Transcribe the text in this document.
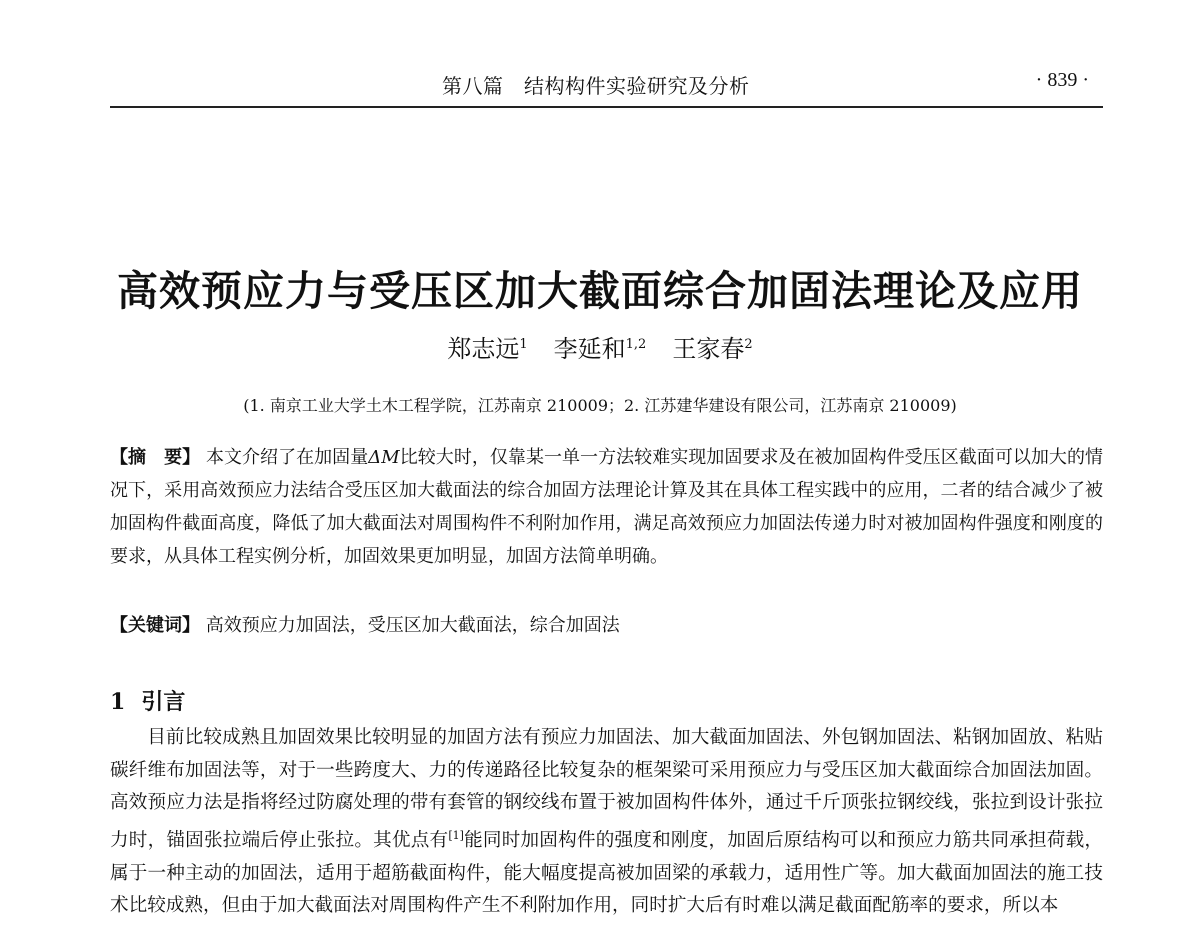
第八篇　结构构件实验研究及分析	· 839 ·
高效预应力与受压区加大截面综合加固法理论及应用
郑志远$^1$ 李延和$^{1,2}$ 王家春$^2$
(1. 南京工业大学土木工程学院，江苏南京 210009；2. 江苏建华建设有限公司，江苏南京 210009)
【摘　要】 本文介绍了在加固量ΔM比较大时，仅靠某一单一方法较难实现加固要求及在被加固构件受压区截面可以加大的情况下，采用高效预应力法结合受压区加大截面法的综合加固方法理论计算及其在具体工程实践中的应用，二者的结合减少了被加固构件截面高度，降低了加大截面法对周围构件不利附加作用，满足高效预应力加固法传递力时对被加固构件强度和刚度的要求，从具体工程实例分析，加固效果更加明显，加固方法简单明确。
【关键词】 高效预应力加固法，受压区加大截面法，综合加固法
1 引言

目前比较成熟且加固效果比较明显的加固方法有预应力加固法、加大截面加固法、外包钢加固法、粘钢加固放、粘贴碳纤维布加固法等，对于一些跨度大、力的传递路径比较复杂的框架梁可采用预应力与受压区加大截面综合加固法加固。高效预应力法是指将经过防腐处理的带有套管的钢绞线布置于被加固构件体外，通过千斤顶张拉钢绞线，张拉到设计张拉力时，锚固张拉端后停止张拉。其优点有[1]能同时加固构件的强度和刚度，加固后原结构可以和预应力筋共同承担荷载，属于一种主动的加固法，适用于超筋截面构件，能大幅度提高被加固梁的承载力，适用性广等。加大截面加固法的施工技术比较成熟，但由于加大截面法对周围构件产生不利附加作用，同时扩大后有时难以满足截面配筋率的要求，所以本
